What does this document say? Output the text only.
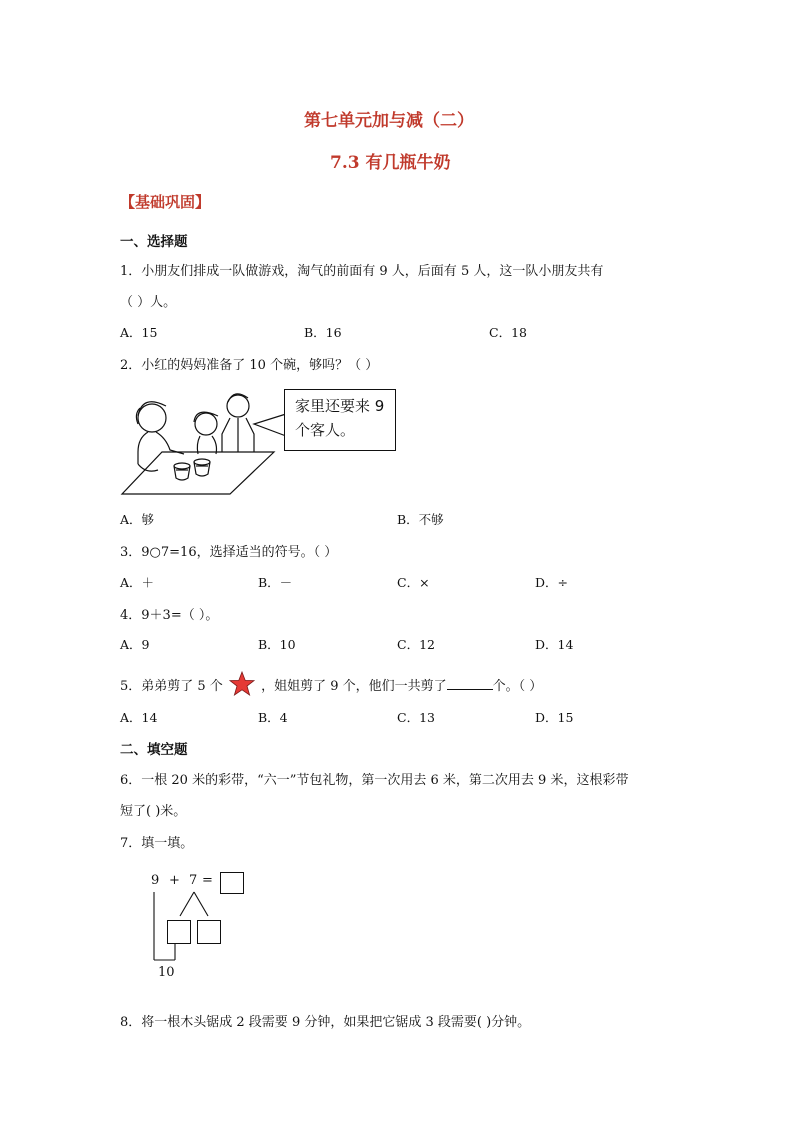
第七单元加与减（二）
7.3 有几瓶牛奶
【基础巩固】
一、选择题
1．小朋友们排成一队做游戏，淘气的前面有 9 人，后面有 5 人，这一队小朋友共有
（ ）人。
A．15	B．16	C．18
2．小红的妈妈准备了 10 个碗，够吗？（ ）
家里还要来 9
个客人。
A．够	B．不够
3．9○7=16，选择适当的符号。（ ）
A．＋	B．－	C．×	D．÷
4．9＋3=（ ）。
A．9	B．10	C．12	D．14
5．弟弟剪了 5 个	，姐姐剪了 9 个，他们一共剪了	个。（ ）
A．14	B．4	C．13	D．15
二、填空题
6．一根 20 米的彩带，“六一”节包礼物，第一次用去 6 米，第二次用去 9 米，这根彩带
短了( )米。
7．填一填。
9 + 7 =
10
8．将一根木头锯成 2 段需要 9 分钟，如果把它锯成 3 段需要( )分钟。
